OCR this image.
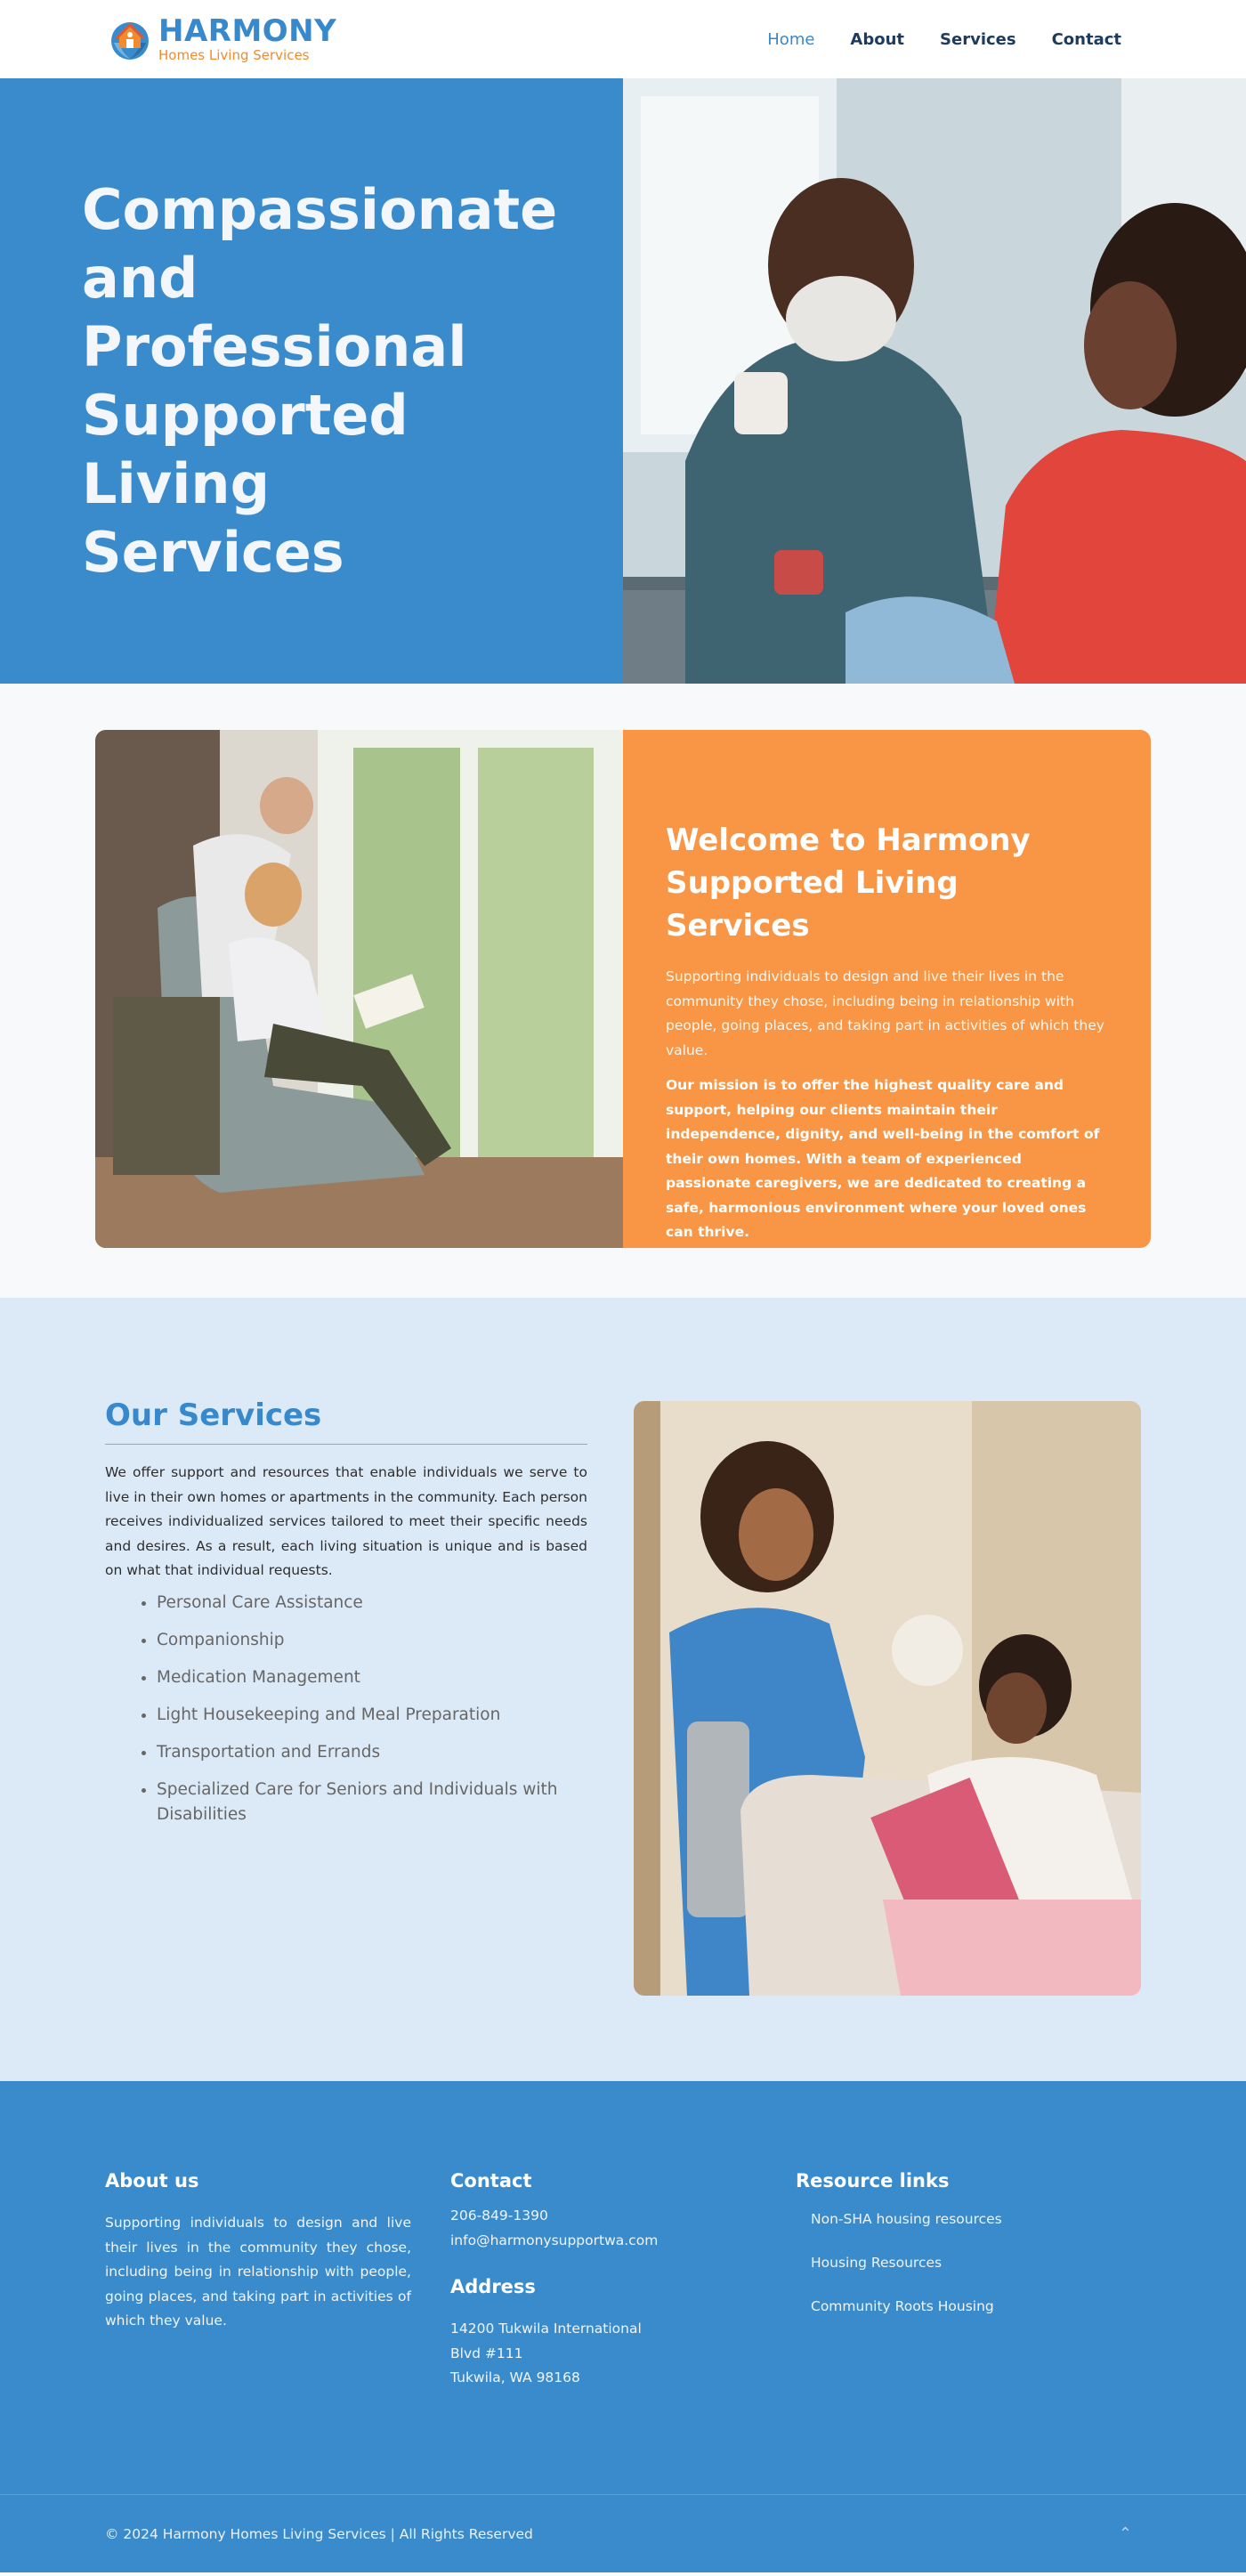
HARMONY
Homes Living Services
Home About Services Contact
Compassionate
and Professional
Supported Living
Services
Welcome to Harmony Supported Living Services

Supporting individuals to design and live their lives in the community they chose, including being in relationship with people, going places, and taking part in activities of which they value.

Our mission is to offer the highest quality care and support, helping our clients maintain their independence, dignity, and well-being in the comfort of their own homes. With a team of experienced passionate caregivers, we are dedicated to creating a safe, harmonious environment where your loved ones can thrive.

Our Services

We offer support and resources that enable individuals we serve to live in their own homes or apartments in the community. Each person receives individualized services tailored to meet their specific needs and desires. As a result, each living situation is unique and is based on what that individual requests.

• Personal Care Assistance
• Companionship
• Medication Management
• Light Housekeeping and Meal Preparation
• Transportation and Errands
• Specialized Care for Seniors and Individuals with Disabilities
About us

Supporting individuals to design and live their lives in the community they chose, including being in relationship with people, going places, and taking part in activities of which they value.

Contact

206-849-1390

info@harmonysupportwa.com

Address

14200 Tukwila International

Blvd #111

Tukwila, WA 98168

Resource links
Non-SHA housing resources
Housing Resources
Community Roots Housing
© 2024 Harmony Homes Living Services | All Rights Reserved	⌃
